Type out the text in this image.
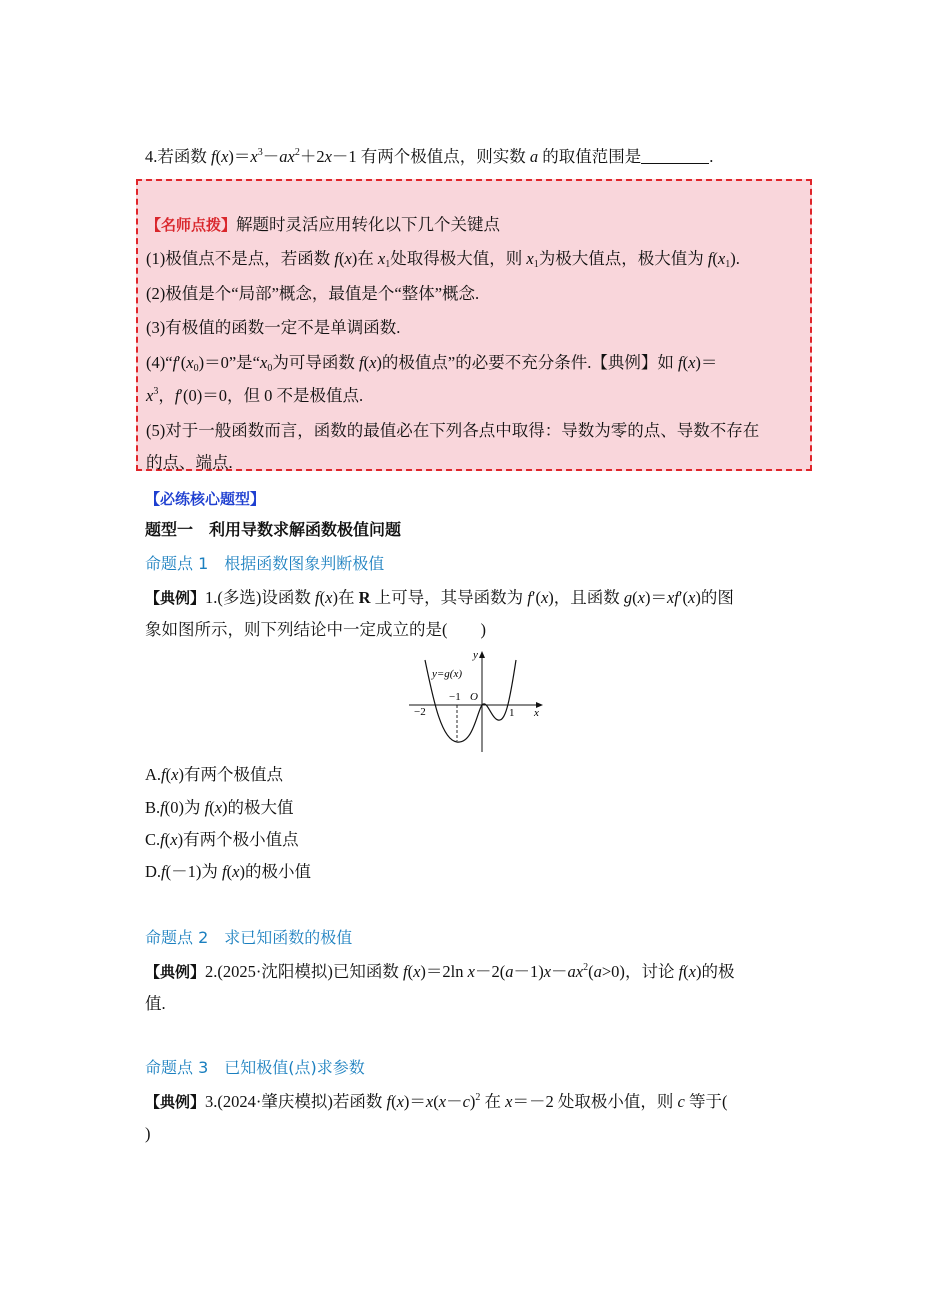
4.若函数 $f(x)=x^3-ax^2+2x-1$ 有两个极值点，则实数 a 的取值范围是	.
【名师点拨】解题时灵活应用转化以下几个关键点
(1)极值点不是点，若函数 f(x)在 $x_1$处取得极大值，则 $x_1$为极大值点，极大值为 $f(x_1)$.
(2)极值是个“局部”概念，最值是个“整体”概念.
(3)有极值的函数一定不是单调函数.
$(4)“f'(x_0)=0$”是“$x_0$为可导函数 f(x)的极值点”的必要不充分条件.【典例】如 f(x)＝
$x^3$，f′(0)＝0，但 0 不是极值点.
(5)对于一般函数而言，函数的最值必在下列各点中取得：导数为零的点、导数不存在
的点、端点.
【必练核心题型】
题型一　利用导数求解函数极值问题
命题点 1　根据函数图象判断极值
【典例】1.(多选)设函数 f(x)在 R 上可导，其导函数为 f′(x)，且函数 g(x)＝xf′(x)的图
象如图所示，则下列结论中一定成立的是(　　)
y=g(x)
y
x
O
−2
−1
1
A.f(x)有两个极值点
B.f(0)为 f(x)的极大值
C.f(x)有两个极小值点
D.f(－1)为 f(x)的极小值
命题点 2　求已知函数的极值
【典例】2.(2025·沈阳模拟)已知函数 f(x)＝2ln $x-2(a-1)x-ax^2(a>0)$，讨论 f(x)的极
值.
命题点 3　已知极值(点)求参数
【典例】3.(2024·肇庆模拟)若函数 $f(x)=x(x-c)^2$ 在 x＝－2 处取极小值，则 c 等于(
)
